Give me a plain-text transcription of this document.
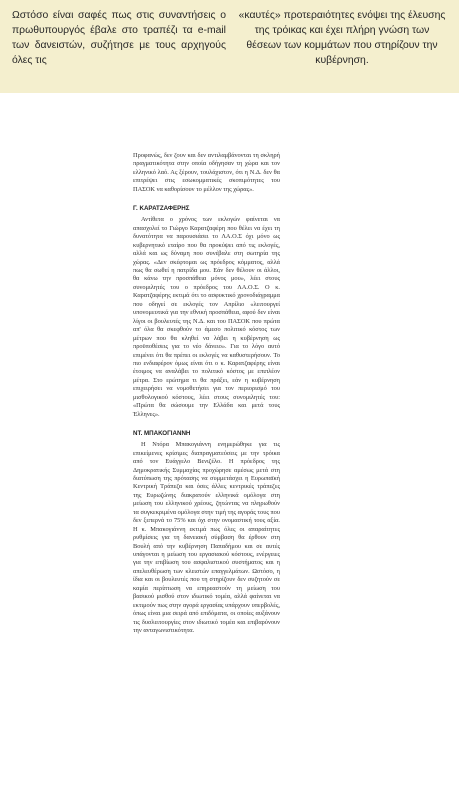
Ωστόσο είναι σαφές πως στις συναντήσεις ο πρωθυπουργός έβαλε στο τραπέζι τα e-mail των δανειστών, συζήτησε με τους αρχηγούς όλες τις

«καυτές» προτεραιότητες ενόψει της έλευσης της τρόικας και έχει πλήρη γνώση των θέσεων των κομμάτων που στηρίζουν την κυβέρνηση.

Προφανώς, δεν ζουν και δεν αντιλαμβάνονται τη σκληρή πραγματικότητα στην οποία οδήγησαν τη χώρα και τον ελληνικό λαό. Ας ξέρουν, τουλάχιστον, ότι η Ν.Δ. δεν θα επιτρέψει στις εσωκομματικές σκοπιμότητες του ΠΑΣΟΚ να καθορίσουν το μέλλον της χώρας».

Γ. ΚΑΡΑΤΖΑΦΕΡΗΣ

Αντίθετα ο χρόνος των εκλογών φαίνεται να απασχολεί το Γιώργο Καρατζαφέρη που θέλει να έχει τη δυνατότητα να παρουσιάσει το ΛΑ.Ο.Σ όχι μόνο ως κυβερνητικό εταίρο που θα προκύψει από τις εκλογές, αλλά και ως δύναμη που συνέβαλε στη σωτηρία της χώρας. «Δεν σκέφτομαι ως πρόεδρος κόμματος, αλλά πως θα σωθεί η πατρίδα μου. Εάν δεν θέλουν οι άλλοι, θα κάνω την προσπάθεια μόνος μου», λέει στους συνομιλητές του ο πρόεδρος του ΛΑ.Ο.Σ. Ο κ. Καρατζαφέρης εκτιμά ότι το ασφυκτικό χρονοδιάγραμμα που οδηγεί σε εκλογές τον Απρίλιο «λειτουργεί υπονομευτικά για την εθνική προσπάθεια, αφού δεν είναι λίγοι οι βουλευτές της Ν.Δ. και του ΠΑΣΟΚ που πρώτα απ' όλα θα σκεφθούν το άμεσο πολιτικό κόστος των μέτρων που θα κληθεί να λάβει η κυβέρνηση ως προϋποθέσεις για το νέο δάνειο». Για το λόγο αυτό επιμένει ότι θα πρέπει οι εκλογές να καθυστερήσουν. Το πιο ενδιαφέρον όμως είναι ότι ο κ. Καρατζαφέρης είναι έτοιμος να αναλάβει το πολιτικό κόστος με επιπλέον μέτρα. Στο ερώτημα τι θα πράξει, εάν η κυβέρνηση επιχειρήσει να νομοθετήσει για τον περιορισμό του μισθολογικού κόστους, λέει στους συνομιλητές του: «Πρώτα θα σώσουμε την Ελλάδα και μετά τους Έλληνες».

ΝΤ. ΜΠΑΚΟΓΙΑΝΝΗ

Η Ντόρα Μπακογιάννη ενημερώθηκε για τις επικείμενες κρίσιμες διαπραγματεύσεις με την τρόικα από τον Ευάγγελο Βενιζέλο. Η πρόεδρος της Δημοκρατικής Συμμαχίας προχώρησε αμέσως μετά στη διατύπωση της πρότασης να συμμετάσχει η Ευρωπαϊκή Κεντρική Τράπεζα και όσες άλλες κεντρικές τράπεζες της Ευρωζώνης διακρατούν ελληνικά ομόλογα στη μείωση του ελληνικού χρέους, ζητώντας να πληρωθούν τα συγκεκριμένα ομόλογα στην τιμή της αγοράς τους που δεν ξεπερνά το 75% και όχι στην ονομαστική τους αξία. Η κ. Μπακογιάννη εκτιμά πως όλες οι απαραίτητες ρυθμίσεις για τη δανειακή σύμβαση θα έρθουν στη Βουλή από την κυβέρνηση Παπαδήμου και σε αυτές υπάγονται η μείωση του εργασιακού κόστους, ενέργειες για την επιβίωση του ασφαλιστικού συστήματος και η απελευθέρωση των κλειστών επαγγελμάτων. Ωστόσο, η ίδια και οι βουλευτές που τη στηρίζουν δεν συζητούν σε καμία περίπτωση να επηρεαστούν τη μείωση του βασικού μισθού στον ιδιωτικό τομέα, αλλά φαίνεται να εκτιμούν πως στην αγορά εργασίας υπάρχουν υπερβολές, όπως είναι μια σειρά από επιδόματα, οι οποίες αυξάνουν τις δυσλειτουργίες στον ιδιωτικό τομέα και επιβαρύνουν την ανταγωνιστικότητα.
